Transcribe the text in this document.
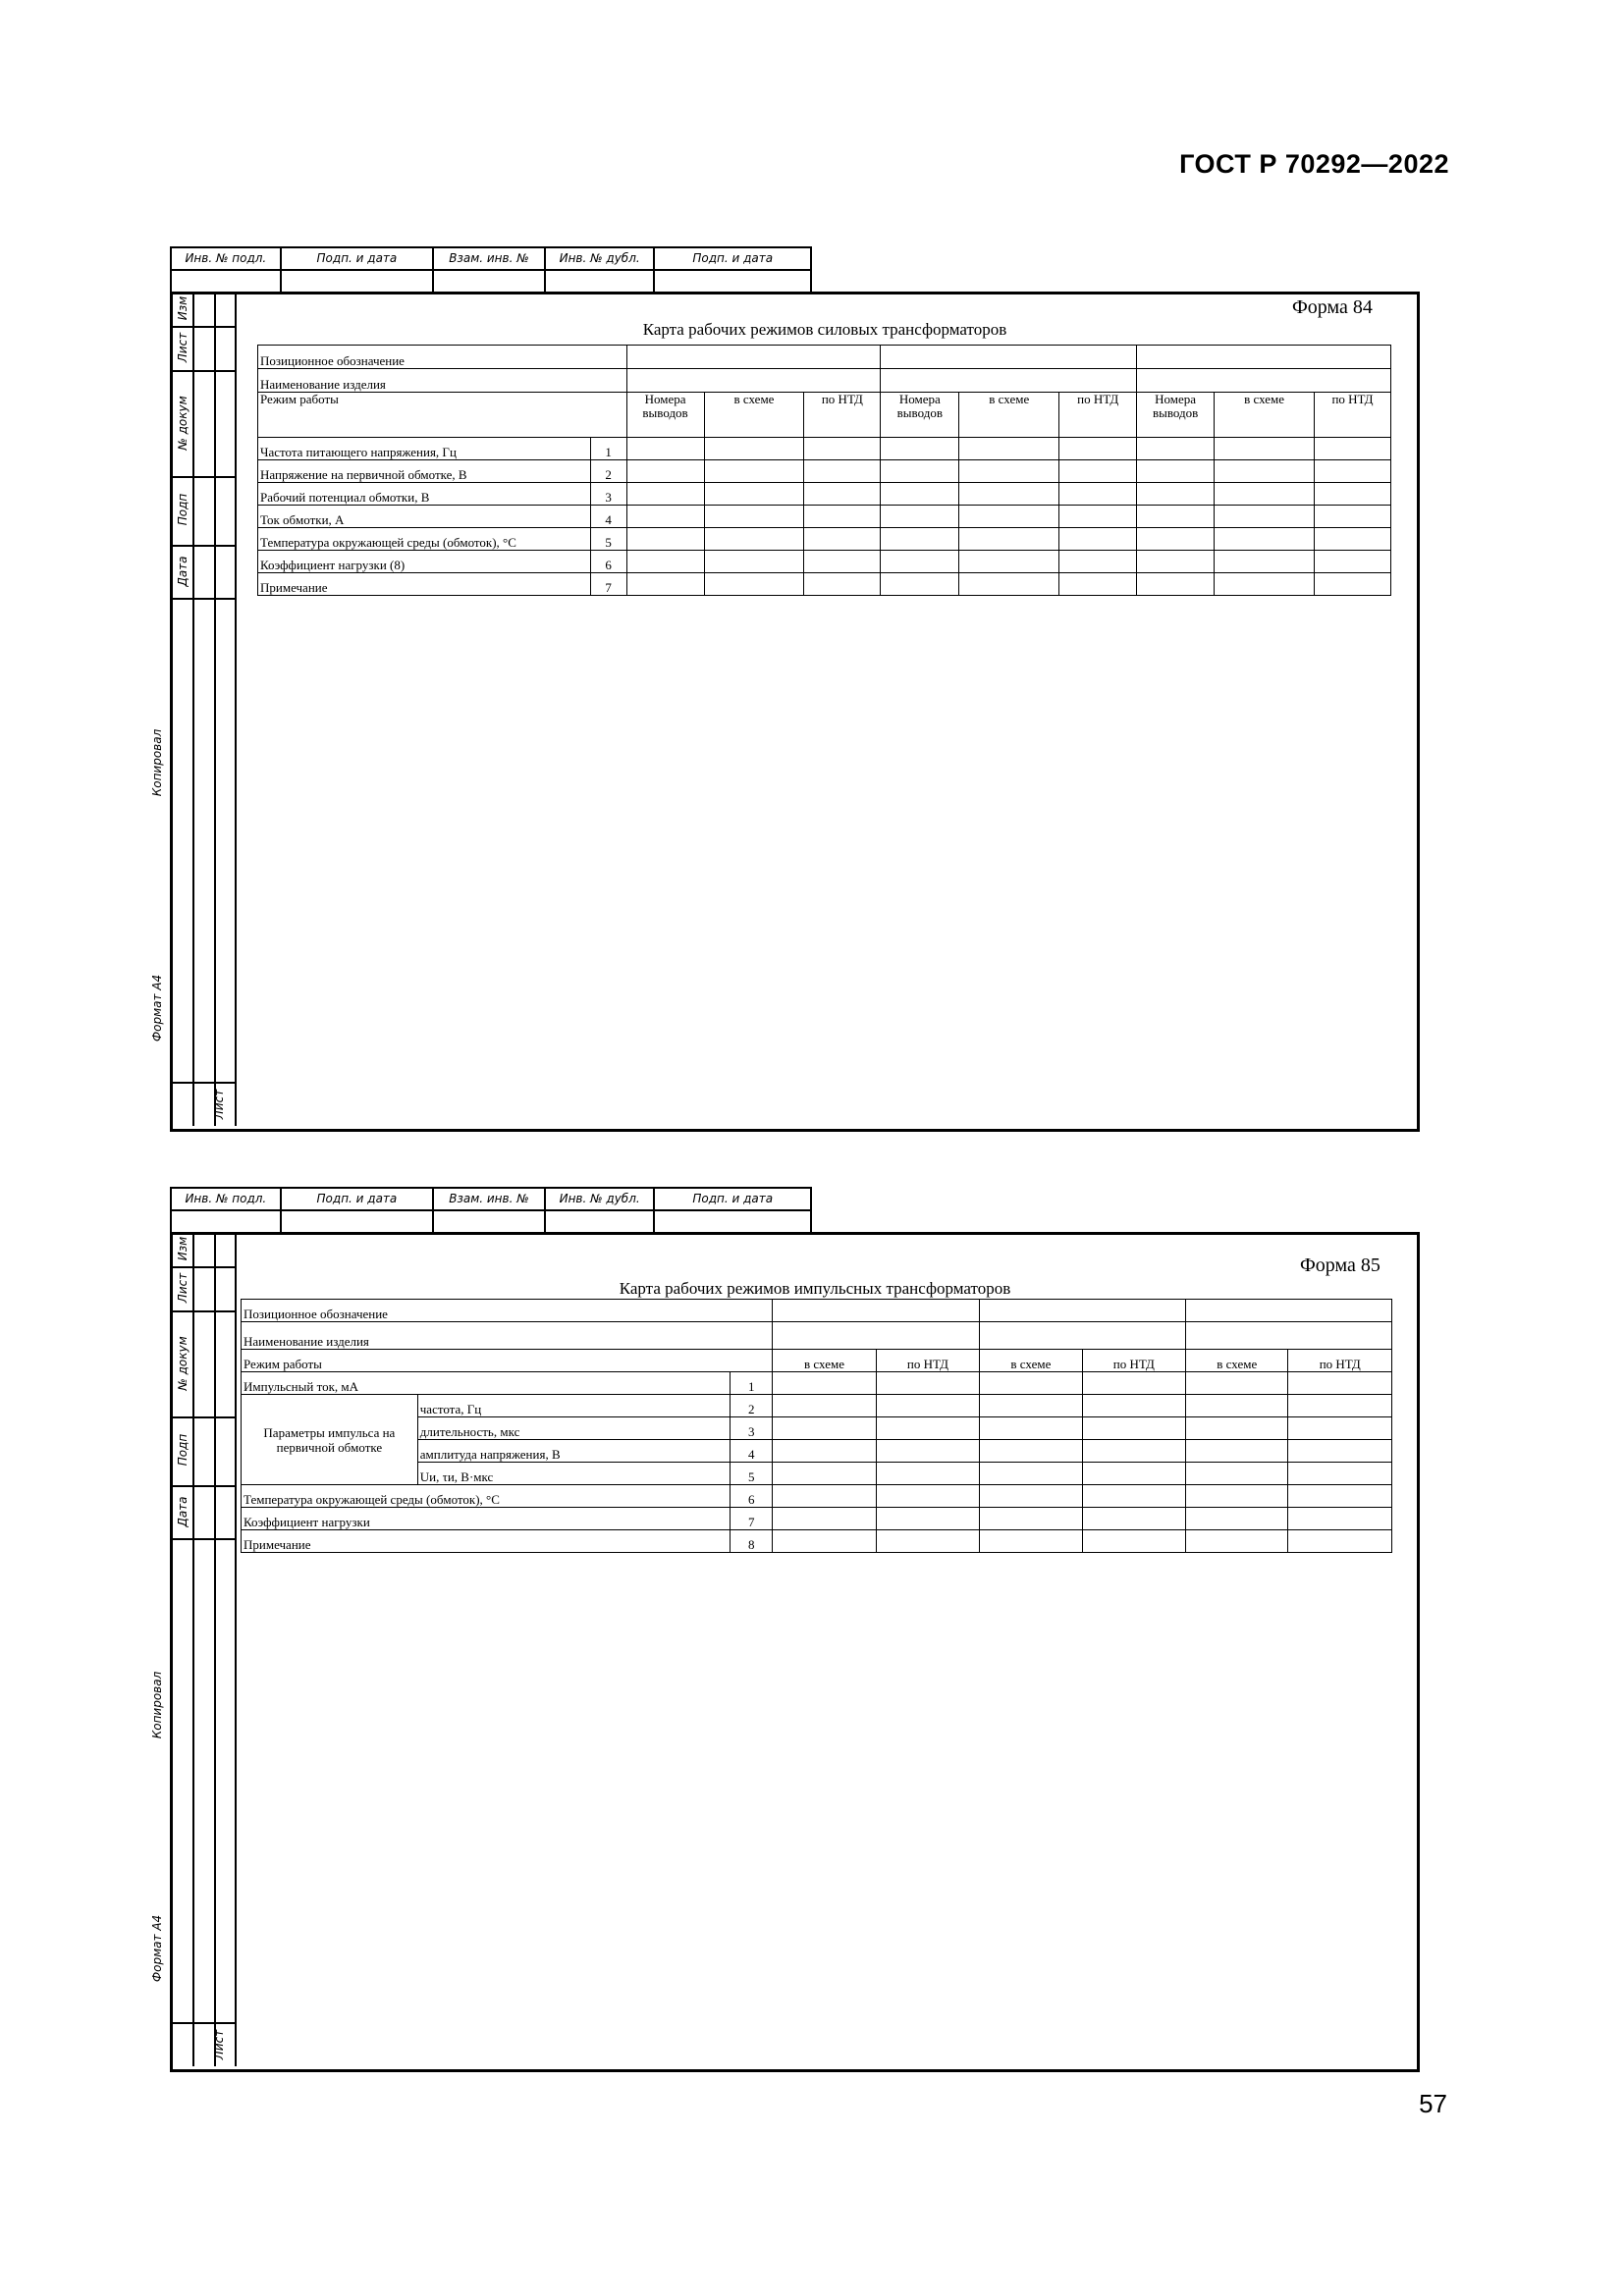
ГОСТ Р 70292—2022
Инв. № подл.	Подп. и дата	Взам. инв. №	Инв. № дубл.	Подп. и дата

Изм
Лист
№ докум
Подп
Дата
Лист
Копировал
Формат А4
Форма 84
Карта рабочих режимов силовых трансформаторов
Позиционное обозначение										
Наименование изделия										
Режим работы		Номера выводов	в схеме	по НТД	Номера выводов	в схеме	по НТД	Номера выводов	в схеме	по НТД
Частота питающего напряжения, Гц	1									
Напряжение на первичной обмотке, В	2									
Рабочий потенциал обмотки, В	3									
Ток обмотки, А	4									
Температура окружающей среды (обмоток), °С	5									
Коэффициент нагрузки (8)	6									
Примечание	7									
Инв. № подл.	Подп. и дата	Взам. инв. №	Инв. № дубл.	Подп. и дата

Изм
Лист
№ докум
Подп
Дата
Лист
Копировал
Формат А4
Форма 85
Карта рабочих режимов импульсных трансформаторов
Позиционное обозначение								
Наименование изделия								
Режим работы			в схеме	по НТД	в схеме	по НТД	в схеме	по НТД
Импульсный ток, мА		1						
Параметры импульса на первичной обмотке	частота, Гц	2						
	длительность, мкс	3						
	амплитуда напряжения, В	4						
	Uи, τи, В·мкс	5						
Температура окружающей среды (обмоток), °С		6						
Коэффициент нагрузки		7						
Примечание		8						
57
